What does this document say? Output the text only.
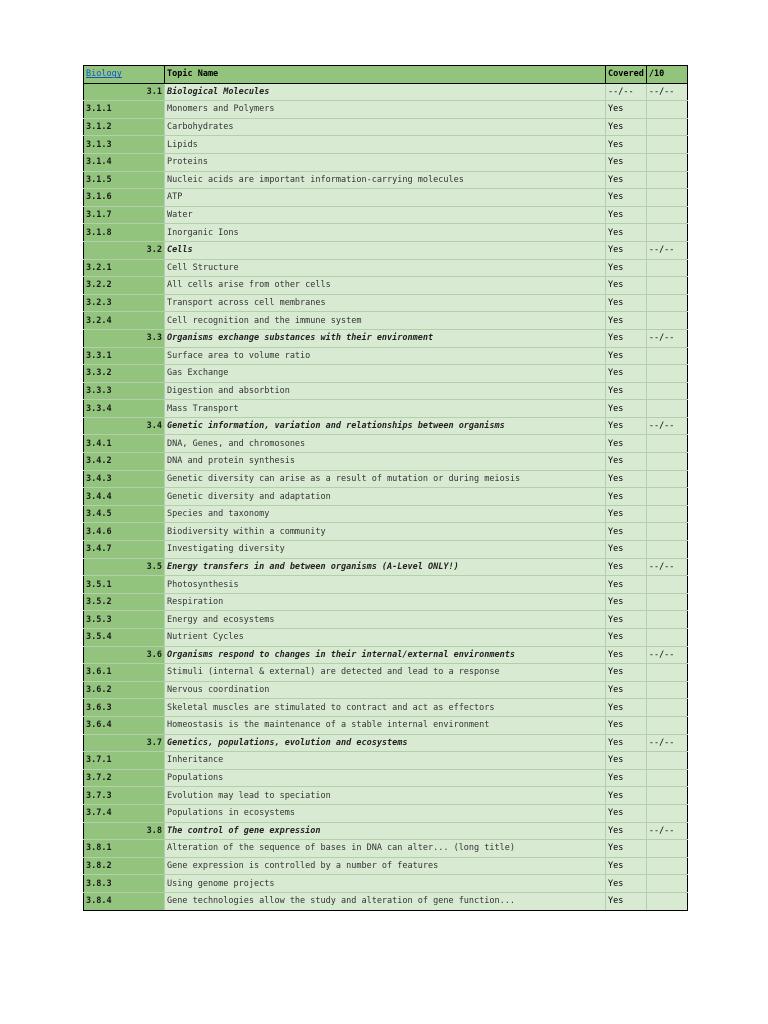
Biology	Topic Name	Covered	/10
3.1	Biological Molecules	--/--	--/--
3.1.1	Monomers and Polymers	Yes	
3.1.2	Carbohydrates	Yes	
3.1.3	Lipids	Yes	
3.1.4	Proteins	Yes	
3.1.5	Nucleic acids are important information-carrying molecules	Yes	
3.1.6	ATP	Yes	
3.1.7	Water	Yes	
3.1.8	Inorganic Ions	Yes	
3.2	Cells	Yes	--/--
3.2.1	Cell Structure	Yes	
3.2.2	All cells arise from other cells	Yes	
3.2.3	Transport across cell membranes	Yes	
3.2.4	Cell recognition and the immune system	Yes	
3.3	Organisms exchange substances with their environment	Yes	--/--
3.3.1	Surface area to volume ratio	Yes	
3.3.2	Gas Exchange	Yes	
3.3.3	Digestion and absorbtion	Yes	
3.3.4	Mass Transport	Yes	
3.4	Genetic information, variation and relationships between organisms	Yes	--/--
3.4.1	DNA, Genes, and chromosones	Yes	
3.4.2	DNA and protein synthesis	Yes	
3.4.3	Genetic diversity can arise as a result of mutation or during meiosis	Yes	
3.4.4	Genetic diversity and adaptation	Yes	
3.4.5	Species and taxonomy	Yes	
3.4.6	Biodiversity within a community	Yes	
3.4.7	Investigating diversity	Yes	
3.5	Energy transfers in and between organisms (A-Level ONLY!)	Yes	--/--
3.5.1	Photosynthesis	Yes	
3.5.2	Respiration	Yes	
3.5.3	Energy and ecosystems	Yes	
3.5.4	Nutrient Cycles	Yes	
3.6	Organisms respond to changes in their internal/external environments	Yes	--/--
3.6.1	Stimuli (internal & external) are detected and lead to a response	Yes	
3.6.2	Nervous coordination	Yes	
3.6.3	Skeletal muscles are stimulated to contract and act as effectors	Yes	
3.6.4	Homeostasis is the maintenance of a stable internal environment	Yes	
3.7	Genetics, populations, evolution and ecosystems	Yes	--/--
3.7.1	Inheritance	Yes	
3.7.2	Populations	Yes	
3.7.3	Evolution may lead to speciation	Yes	
3.7.4	Populations in ecosystems	Yes	
3.8	The control of gene expression	Yes	--/--
3.8.1	Alteration of the sequence of bases in DNA can alter... (long title)	Yes	
3.8.2	Gene expression is controlled by a number of features	Yes	
3.8.3	Using genome projects	Yes	
3.8.4	Gene technologies allow the study and alteration of gene function...	Yes	
